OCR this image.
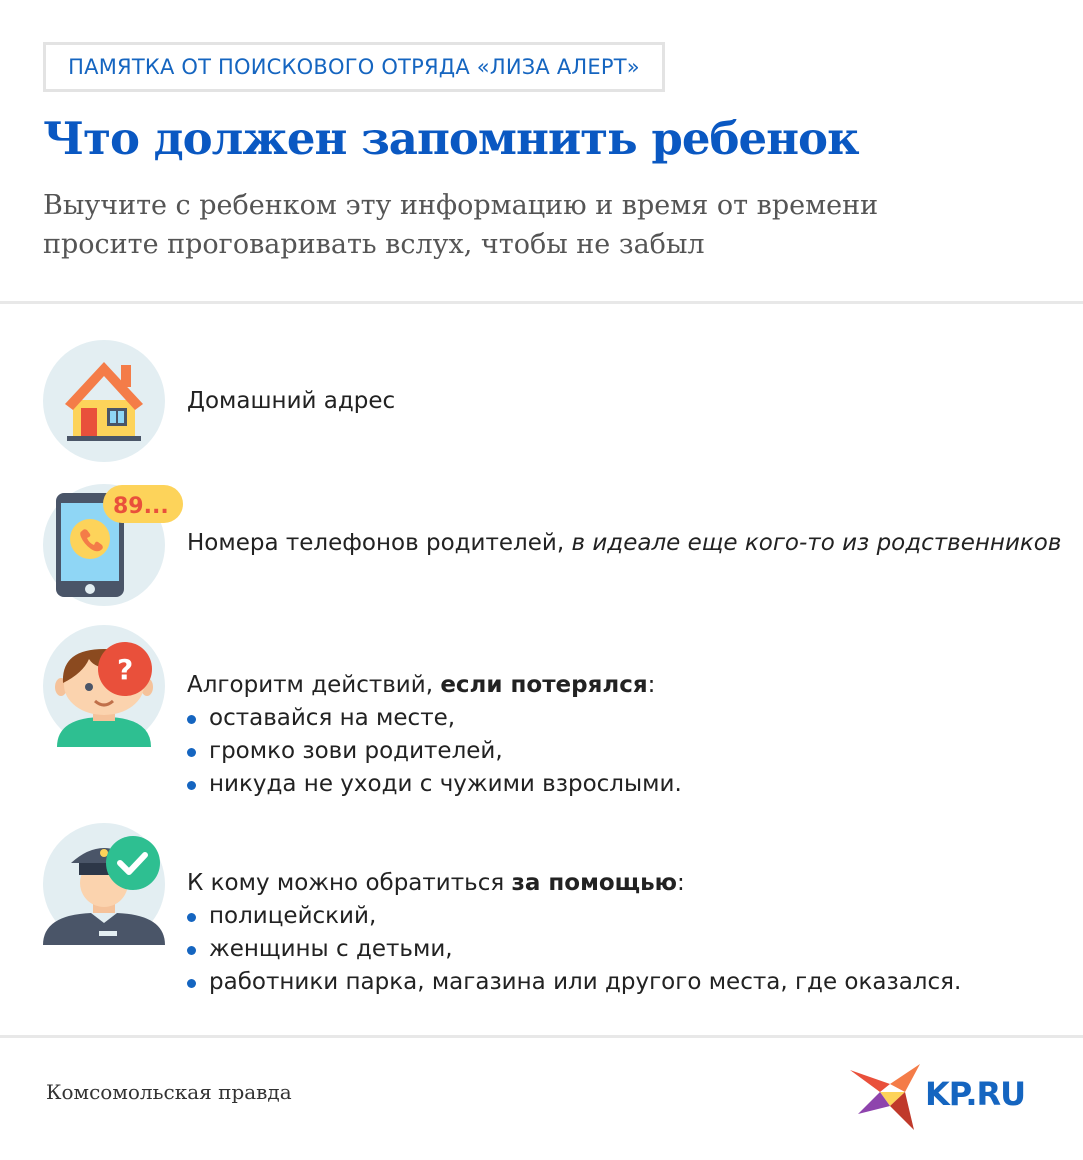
ПАМЯТКА ОТ ПОИСКОВОГО ОТРЯДА «ЛИЗА АЛЕРТ»
Что должен запомнить ребенок
Выучите с ребенком эту информацию и время от времени
просите проговаривать вслух, чтобы не забыл
Домашний адрес
89...
Номера телефонов родителей, в идеале еще кого-то из родственников
? Алгоритм действий, если потерялся:
оставайся на месте,
громко зови родителей,
никуда не уходи с чужими взрослыми.
К кому можно обратиться за помощью:
полицейский,
женщины с детьми,
работники парка, магазина или другого места, где оказался.
Комсомольская правда	KP.RU
